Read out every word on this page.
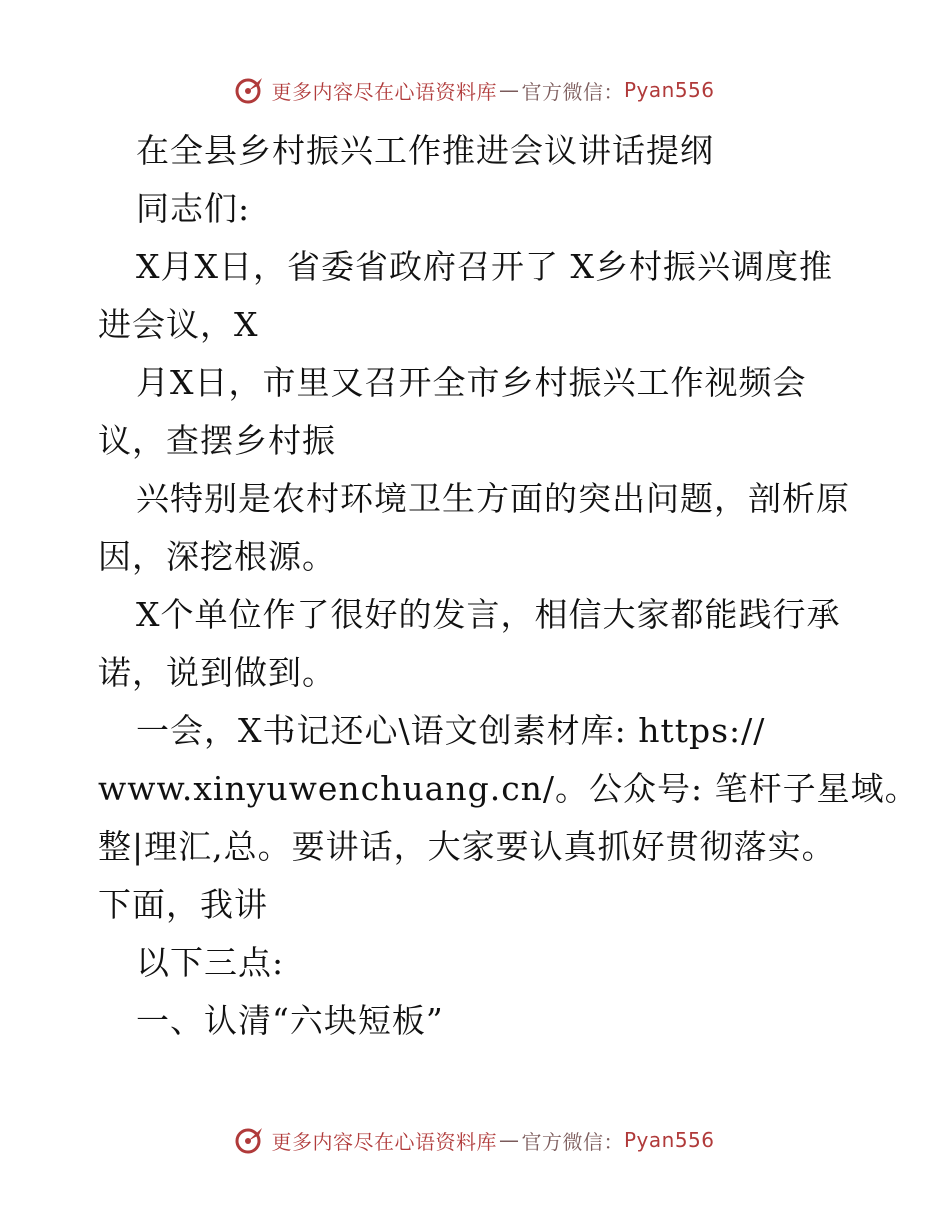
更多内容尽在心语资料库 — 官方微信： Pyan556
在全县乡村振兴工作推进会议讲话提纲
同志们:
X月X日，省委省政府召开了 X乡村振兴调度推
进会议，X
月X日，市里又召开全市乡村振兴工作视频会
议，查摆乡村振
兴特别是农村环境卫生方面的突出问题，剖析原
因，深挖根源。
X个单位作了很好的发言，相信大家都能践行承
诺，说到做到。
一会，X书记还心\语文创素材库: https://
www.xinyuwenchuang.cn/。公众号: 笔杆子星域。
整|理汇,总。要讲话，大家要认真抓好贯彻落实。
下面，我讲
以下三点:
一、认清“六块短板”
更多内容尽在心语资料库 — 官方微信： Pyan556
